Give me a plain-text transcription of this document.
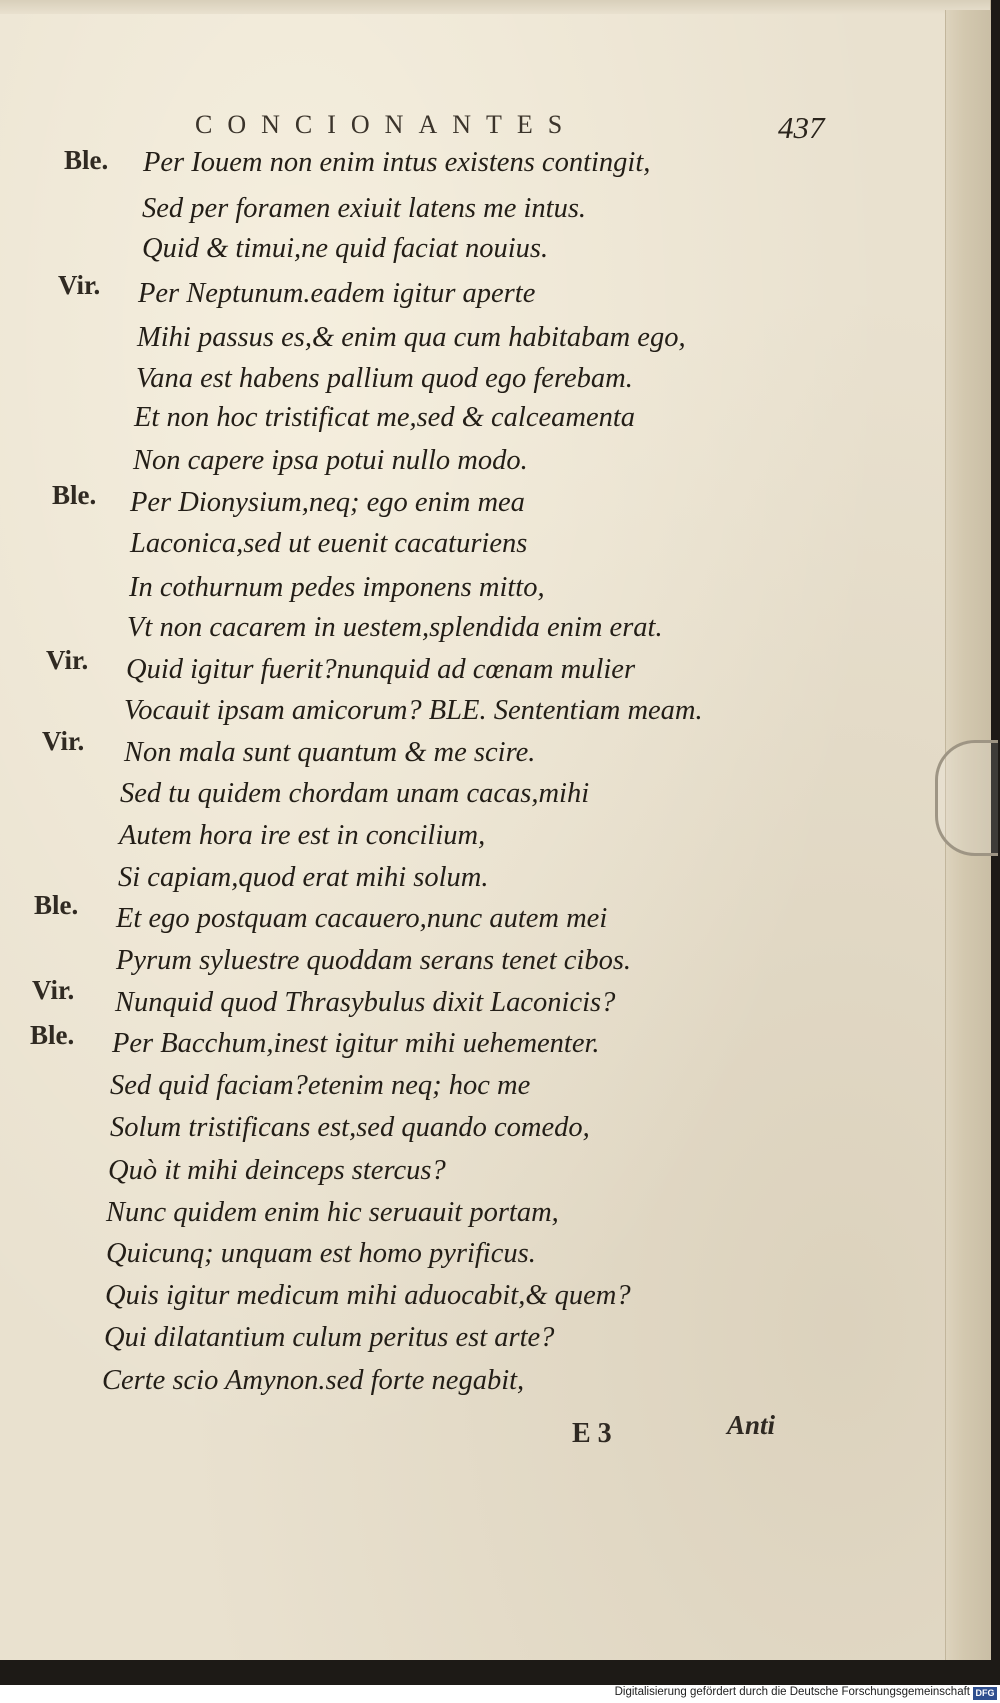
CONCIONANTES	437
Ble.
Vir.
Ble.
Vir.
Vir.
Ble.
Vir.
Ble.
Per Iouem non enim intus existens contingit,
Sed per foramen exiuit latens me intus.
Quid & timui,ne quid faciat nouius.
Per Neptunum.eadem igitur aperte
Mihi passus es,& enim qua cum habitabam ego,
Vana est habens pallium quod ego ferebam.
Et non hoc tristificat me,sed & calceamenta
Non capere ipsa potui nullo modo.
Per Dionysium,neq; ego enim mea
Laconica,sed ut euenit cacaturiens
In cothurnum pedes imponens mitto,
Vt non cacarem in uestem,splendida enim erat.
Quid igitur fuerit?nunquid ad cœnam mulier
Vocauit ipsam amicorum? BLE. Sententiam meam.
Non mala sunt quantum & me scire.
Sed tu quidem chordam unam cacas,mihi
Autem hora ire est in concilium,
Si capiam,quod erat mihi solum.
Et ego postquam cacauero,nunc autem mei
Pyrum syluestre quoddam serans tenet cibos.
Nunquid quod Thrasybulus dixit Laconicis?
Per Bacchum,inest igitur mihi uehementer.
Sed quid faciam?etenim neq; hoc me
Solum tristificans est,sed quando comedo,
Quò it mihi deinceps stercus?
Nunc quidem enim hic seruauit portam,
Quicunq; unquam est homo pyrificus.
Quis igitur medicum mihi aduocabit,& quem?
Qui dilatantium culum peritus est arte?
Certe scio Amynon.sed forte negabit,
E 3	Anti
Digitalisierung gefördert durch die Deutsche Forschungsgemeinschaft DFG
